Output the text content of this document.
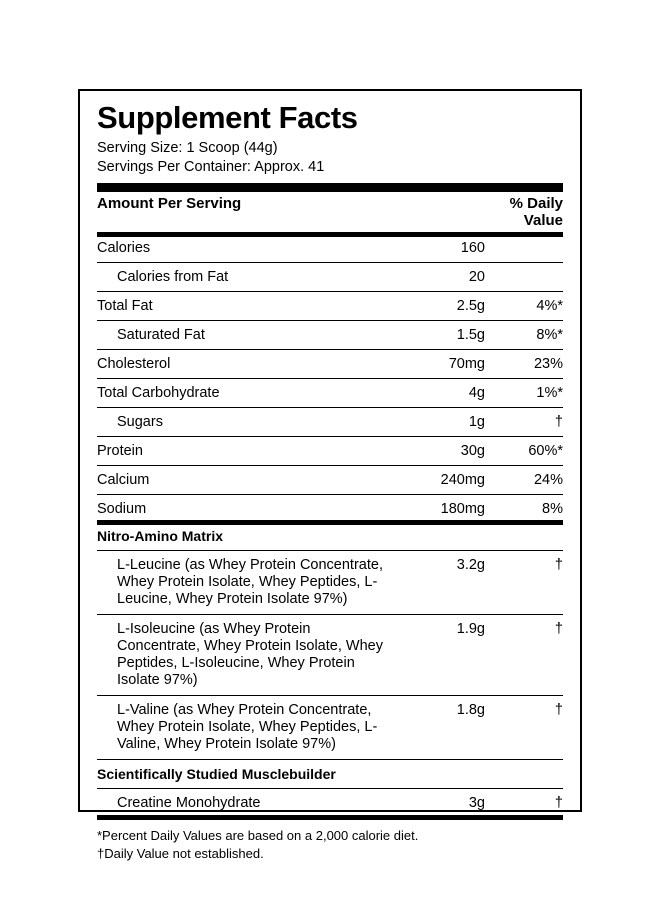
Supplement Facts
Serving Size: 1 Scoop (44g)
Servings Per Container: Approx. 41
Amount Per Serving		% Daily
Value
Calories	160	

Calories from Fat	20	

Total Fat	2.5g	4%*

Saturated Fat	1.5g	8%*

Cholesterol	70mg	23%

Total Carbohydrate	4g	1%*

Sugars	1g	†

Protein	30g	60%*

Calcium	240mg	24%

Sodium	180mg	8%
Nitro-Amino Matrix		

L-Leucine (as Whey Protein Concentrate, Whey Protein Isolate, Whey Peptides, L-Leucine, Whey Protein Isolate 97%)	3.2g	†

L-Isoleucine (as Whey Protein Concentrate, Whey Protein Isolate, Whey Peptides, L-Isoleucine, Whey Protein Isolate 97%)	1.9g	†

L-Valine (as Whey Protein Concentrate, Whey Protein Isolate, Whey Peptides, L-Valine, Whey Protein Isolate 97%)	1.8g	†

Scientifically Studied Musclebuilder		

Creatine Monohydrate	3g	†
*Percent Daily Values are based on a 2,000 calorie diet.
†Daily Value not established.
